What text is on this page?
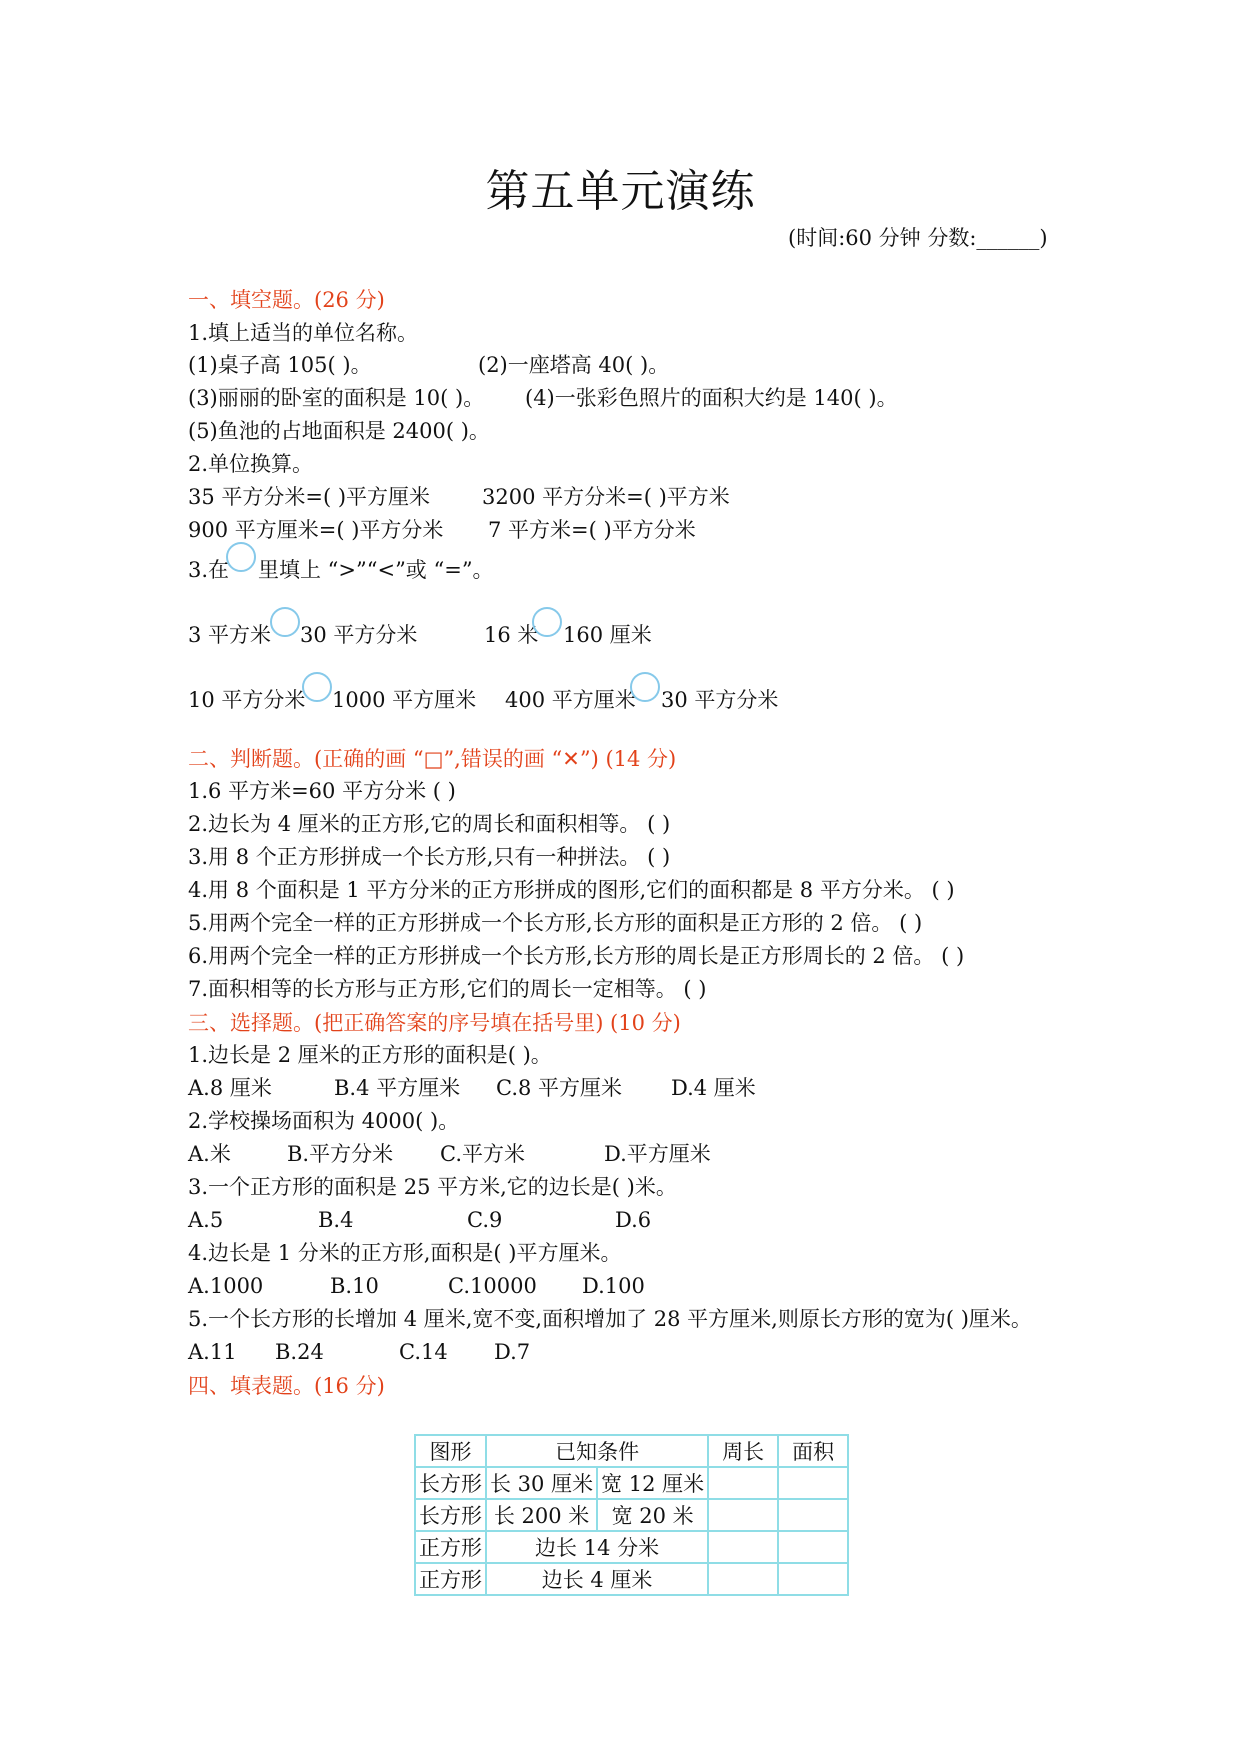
第五单元演练
(时间:60 分钟 分数:______)
一、填空题。(26 分)
1.填上适当的单位名称。
(1)桌子高 105( )。	(2)一座塔高 40( )。
(3)丽丽的卧室的面积是 10( )。 (4)一张彩色照片的面积大约是 140( )。
(5)鱼池的占地面积是 2400( )。
2.单位换算。
35 平方分米=( )平方厘米 3200 平方分米=( )平方米
900 平方厘米=( )平方分米 7 平方米=( )平方分米
3.在 里填上 “>”“<”或 “=”。
3 平方米 30 平方分米	16 米 160 厘米
10 平方分米 1000 平方厘米 400 平方厘米 30 平方分米
二、判断题。(正确的画 “□”,错误的画 “✕”) (14 分)
1.6 平方米=60 平方分米 ( )
2.边长为 4 厘米的正方形,它的周长和面积相等。 ( )
3.用 8 个正方形拼成一个长方形,只有一种拼法。 ( )
4.用 8 个面积是 1 平方分米的正方形拼成的图形,它们的面积都是 8 平方分米。 ( )
5.用两个完全一样的正方形拼成一个长方形,长方形的面积是正方形的 2 倍。 ( )
6.用两个完全一样的正方形拼成一个长方形,长方形的周长是正方形周长的 2 倍。 ( )
7.面积相等的长方形与正方形,它们的周长一定相等。 ( )
三、选择题。(把正确答案的序号填在括号里) (10 分)
1.边长是 2 厘米的正方形的面积是( )。
A.8 厘米	B.4 平方厘米 C.8 平方厘米 D.4 厘米
2.学校操场面积为 4000( )。
A.米	B.平方分米 C.平方米	D.平方厘米
3.一个正方形的面积是 25 平方米,它的边长是( )米。
A.5	B.4	C.9	D.6
4.边长是 1 分米的正方形,面积是( )平方厘米。
A.1000	B.10	C.10000 D.100
5.一个长方形的长增加 4 厘米,宽不变,面积增加了 28 平方厘米,则原长方形的宽为( )厘米。
A.11 B.24	C.14 D.7
四、填表题。(16 分)
图形	已知条件		周长	面积
长方形	长 30 厘米	宽 12 厘米		
长方形	长 200 米	宽 20 米		
正方形	边长 14 分米			
正方形	边长 4 厘米			
